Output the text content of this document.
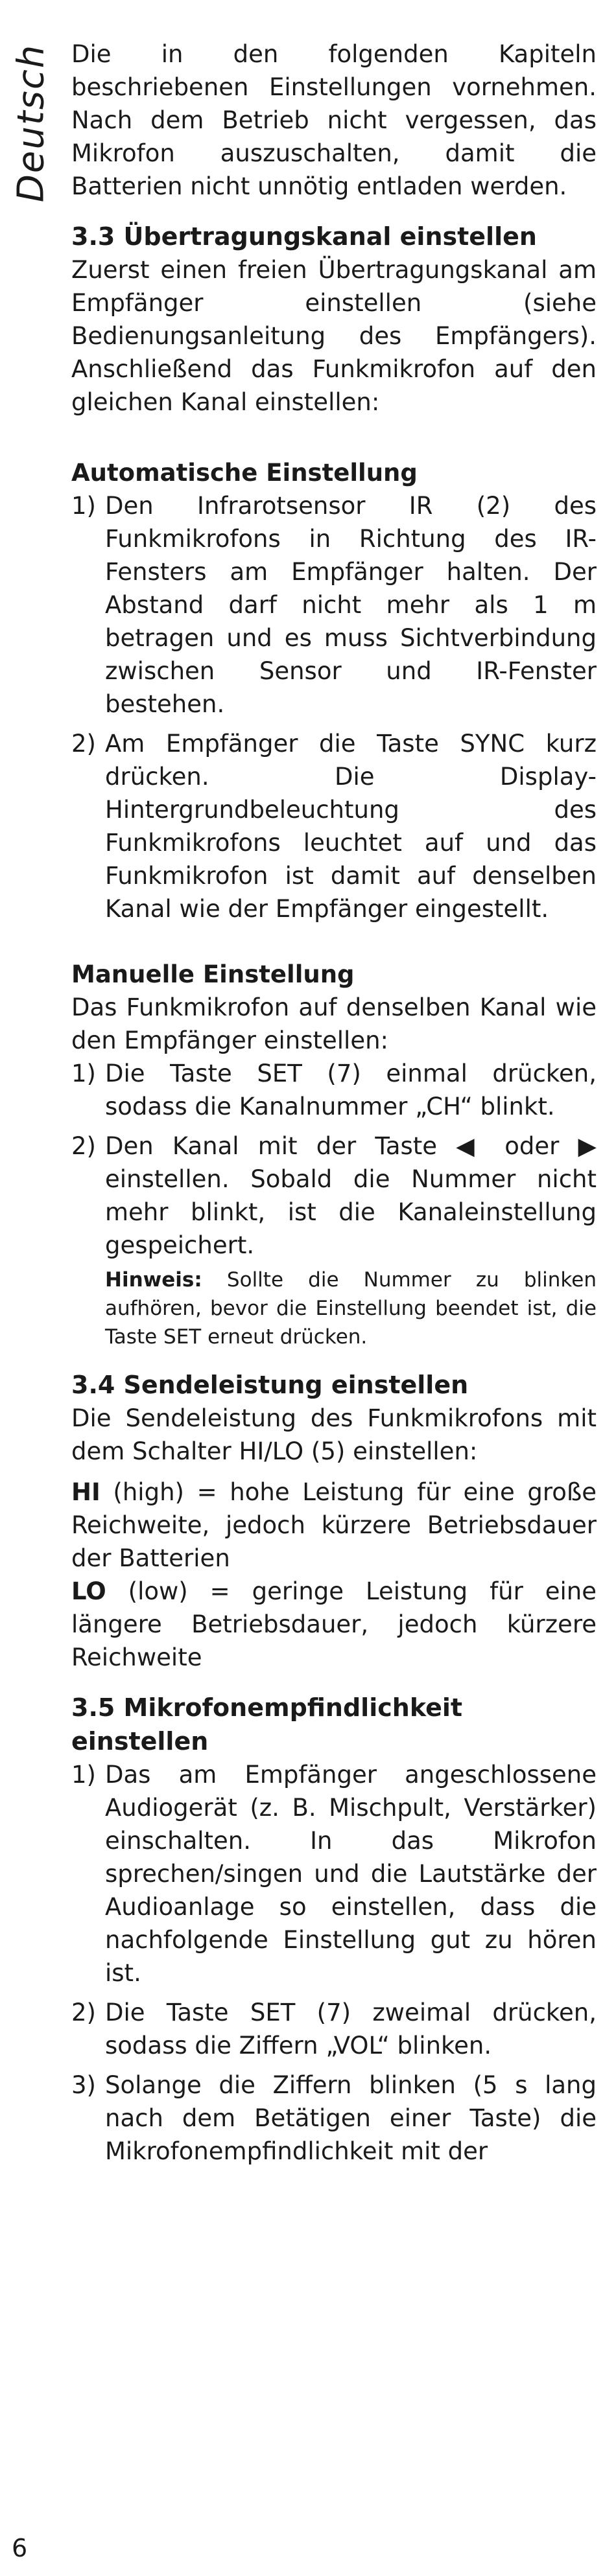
Deutsch Die in den folgenden Kapiteln beschriebenen Einstellungen vornehmen. Nach dem Betrieb nicht vergessen, das Mikrofon auszuschalten, damit die Batterien nicht unnötig entladen werden.

3.3 Übertragungskanal einstellen

Zuerst einen freien Übertragungskanal am Empfänger einstellen (siehe Bedienungsanleitung des Empfängers). Anschließend das Funkmikrofon auf den gleichen Kanal einstellen:

Automatische Einstellung
1) Den Infrarotsensor IR (2) des Funkmikrofons in Richtung des IR-Fensters am Empfänger halten. Der Abstand darf nicht mehr als 1 m betragen und es muss Sichtverbindung zwischen Sensor und IR-Fenster bestehen.
2) Am Empfänger die Taste SYNC kurz drücken. Die Display-Hintergrundbeleuchtung des Funkmikrofons leuchtet auf und das Funkmikrofon ist damit auf denselben Kanal wie der Empfänger eingestellt.
Manuelle Einstellung

Das Funkmikrofon auf denselben Kanal wie den Empfänger einstellen:

1) Die Taste SET (7) einmal drücken, sodass die Kanalnummer „CH“ blinkt.
2) Den Kanal mit der Taste ◀ oder ▶ einstellen. Sobald die Nummer nicht mehr blinkt, ist die Kanaleinstellung gespeichert.
Hinweis: Sollte die Nummer zu blinken aufhören, bevor die Einstellung beendet ist, die Taste SET erneut drücken.
3.4 Sendeleistung einstellen

Die Sendeleistung des Funkmikrofons mit dem Schalter HI/LO (5) einstellen:

HI (high) = hohe Leistung für eine große Reichweite, jedoch kürzere Betriebsdauer der Batterien

LO (low) = geringe Leistung für eine längere Betriebsdauer, jedoch kürzere Reichweite

3.5 Mikrofonempfindlichkeit einstellen
1) Das am Empfänger angeschlossene Audiogerät (z. B. Mischpult, Verstärker) einschalten. In das Mikrofon sprechen/singen und die Lautstärke der Audioanlage so einstellen, dass die nachfolgende Einstellung gut zu hören ist.
2) Die Taste SET (7) zweimal drücken, sodass die Ziffern „VOL“ blinken.
3) Solange die Ziffern blinken (5 s lang nach dem Betätigen einer Taste) die Mikrofonempfindlichkeit mit der
6
